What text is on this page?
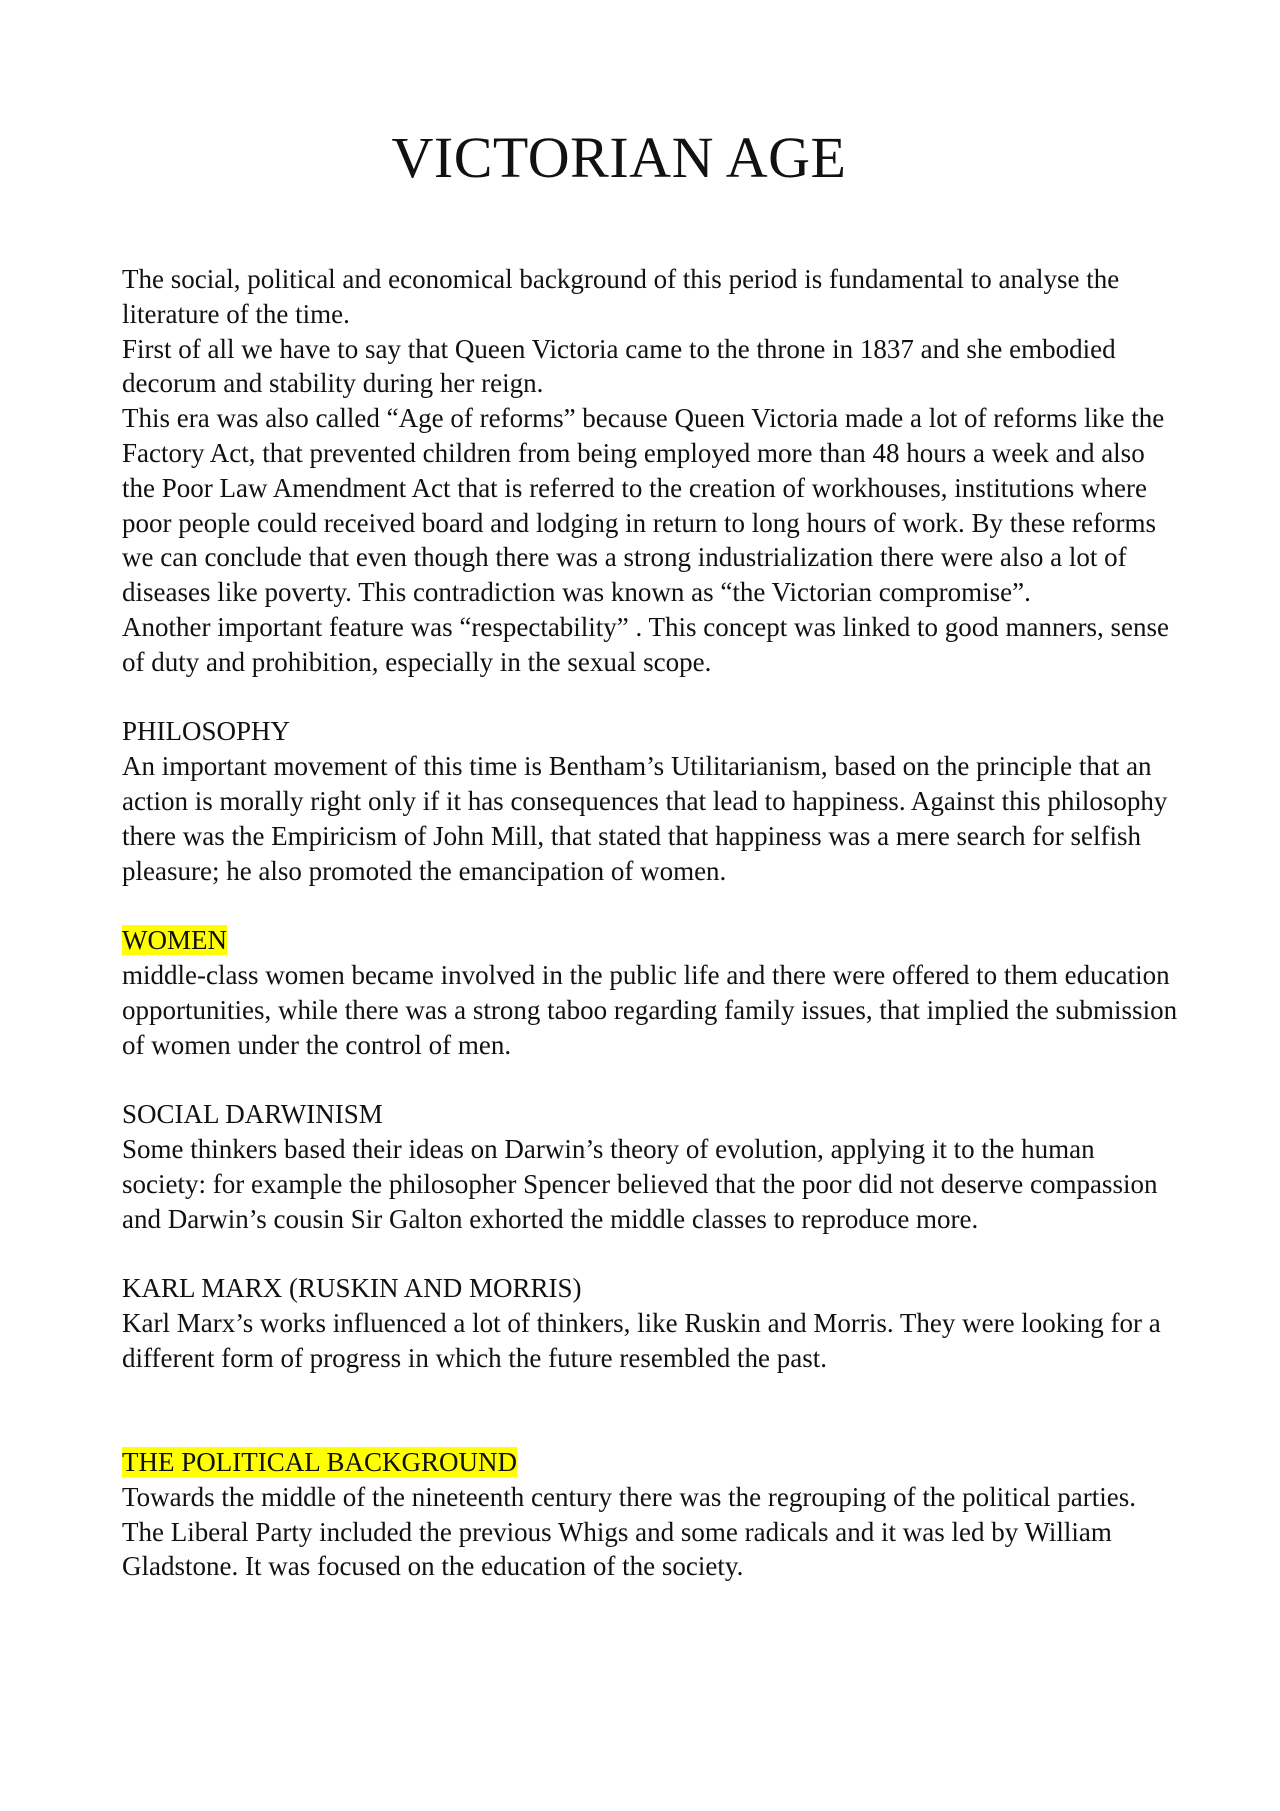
VICTORIAN AGE

The social, political and economical background of this period is fundamental to analyse the literature of the time.

First of all we have to say that Queen Victoria came to the throne in 1837 and she embodied decorum and stability during her reign.

This era was also called “Age of reforms” because Queen Victoria made a lot of reforms like the Factory Act, that prevented children from being employed more than 48 hours a week and also the Poor Law Amendment Act that is referred to the creation of workhouses, institutions where poor people could received board and lodging in return to long hours of work. By these reforms we can conclude that even though there was a strong industrialization there were also a lot of diseases like poverty. This contradiction was known as “the Victorian compromise”.

Another important feature was “respectability” . This concept was linked to good manners, sense of duty and prohibition, especially in the sexual scope.

PHILOSOPHY

An important movement of this time is Bentham’s Utilitarianism, based on the principle that an action is morally right only if it has consequences that lead to happiness. Against this philosophy there was the Empiricism of John Mill, that stated that happiness was a mere search for selfish pleasure; he also promoted the emancipation of women.

WOMEN

middle-class women became involved in the public life and there were offered to them education opportunities, while there was a strong taboo regarding family issues, that implied the submission of women under the control of men.

SOCIAL DARWINISM

Some thinkers based their ideas on Darwin’s theory of evolution, applying it to the human society: for example the philosopher Spencer believed that the poor did not deserve compassion and Darwin’s cousin Sir Galton exhorted the middle classes to reproduce more.

KARL MARX (RUSKIN AND MORRIS)

Karl Marx’s works influenced a lot of thinkers, like Ruskin and Morris. They were looking for a different form of progress in which the future resembled the past.

THE POLITICAL BACKGROUND

Towards the middle of the nineteenth century there was the regrouping of the political parties. The Liberal Party included the previous Whigs and some radicals and it was led by William Gladstone. It was focused on the education of the society.
